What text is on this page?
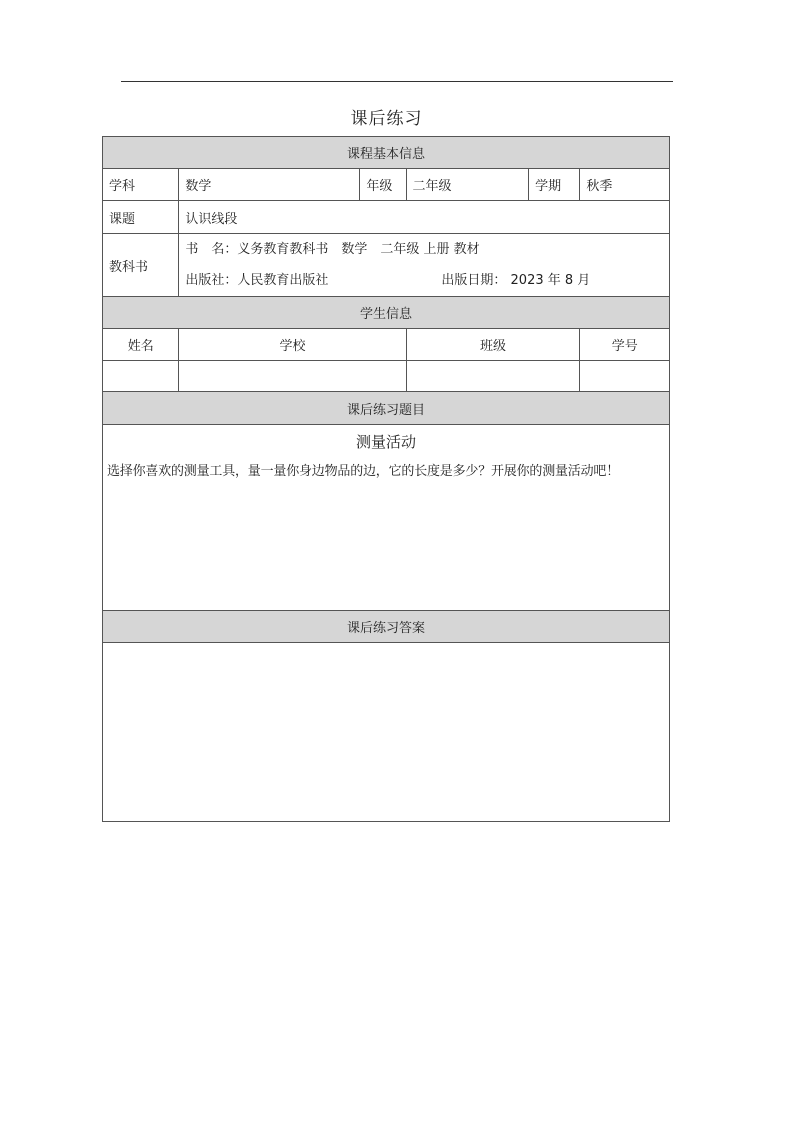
课后练习
课程基本信息					
学科	数学	年级	二年级	学期	秋季
课题	认识线段				
教科书	书　名：义务教育教科书　数学　二年级 上册 教材
出版社：人民教育出版社 出版日期： 2023 年 8 月				

学生信息					
姓名	学校		班级		学号

课后练习题目					

测量活动
选择你喜欢的测量工具，量一量你身边物品的边，它的长度是多少？开展你的测量活动吧！					

课后练习答案					
